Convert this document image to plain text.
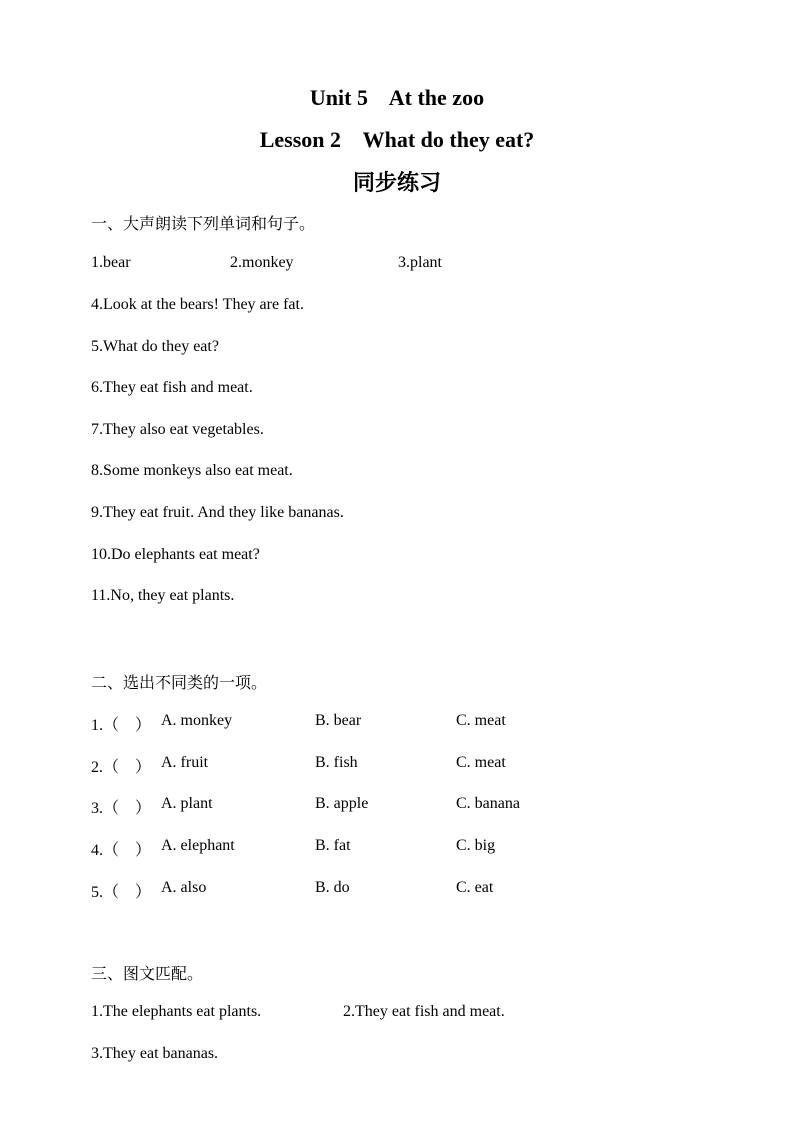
Unit 5    At the zoo
Lesson 2    What do they eat?
同步练习
一、大声朗读下列单词和句子。
1.bear	2.monkey	3.plant
4.Look at the bears! They are fat.
5.What do they eat?
6.They eat fish and meat.
7.They also eat vegetables.
8.Some monkeys also eat meat.
9.They eat fruit. And they like bananas.
10.Do elephants eat meat?
11.No, they eat plants.
二、选出不同类的一项。
1.（    ） A. monkey	B. bear	C. meat
2.（    ） A. fruit	B. fish	C. meat
3.（    ） A. plant	B. apple	C. banana
4.（    ） A. elephant	B. fat	C. big
5.（    ） A. also	B. do	C. eat
三、图文匹配。
1.The elephants eat plants.	2.They eat fish and meat.
3.They eat bananas.
